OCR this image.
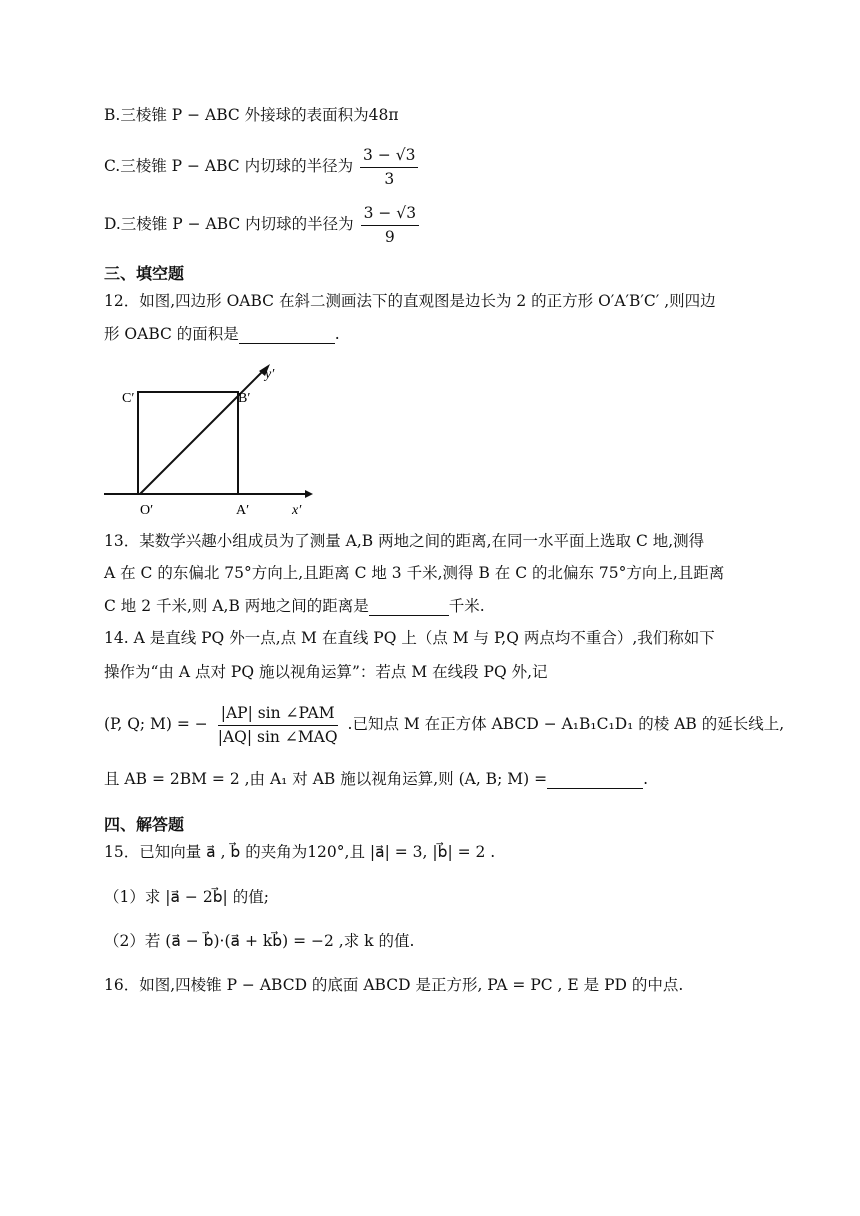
B.三棱锥 P − ABC 外接球的表面积为48π
C.三棱锥 P − ABC 内切球的半径为 $\frac{3 - √3}{3}$
D.三棱锥 P − ABC 内切球的半径为 $\frac{3 - √3}{9}$
三、填空题
12．如图,四边形 OABC 在斜二测画法下的直观图是边长为 2 的正方形 O′A′B′C′ ,则四边
形 OABC 的面积是	.
C′	B′
O′	A′	x′
y′
13．某数学兴趣小组成员为了测量 A,B 两地之间的距离,在同一水平面上选取 C 地,测得
A 在 C 的东偏北 75°方向上,且距离 C 地 3 千米,测得 B 在 C 的北偏东 75°方向上,且距离
C 地 2 千米,则 A,B 两地之间的距离是	千米.
14. A 是直线 PQ 外一点,点 M 在直线 PQ 上（点 M 与 P,Q 两点均不重合）,我们称如下
操作为“由 A 点对 PQ 施以视角运算”：若点 M 在线段 PQ 外,记
(P, Q; M) = − $\frac{\text{|AP| sin ∠PAM}}{\text{|AQ| sin ∠MAQ}}$ .已知点 M 在正方体 ABCD − A₁B₁C₁D₁ 的棱 AB 的延长线上,
且 AB = 2BM = 2 ,由 A₁ 对 AB 施以视角运算,则 (A, B; M) =	.
四、解答题
15．已知向量 a⃗ , b⃗ 的夹角为120°,且 |a⃗| = 3, |b⃗| = 2 .
（1）求 |a⃗ − 2b⃗| 的值;
（2）若 (a⃗ − b⃗)·(a⃗ + kb⃗) = −2 ,求 k 的值.
16．如图,四棱锥 P − ABCD 的底面 ABCD 是正方形, PA = PC , E 是 PD 的中点.
